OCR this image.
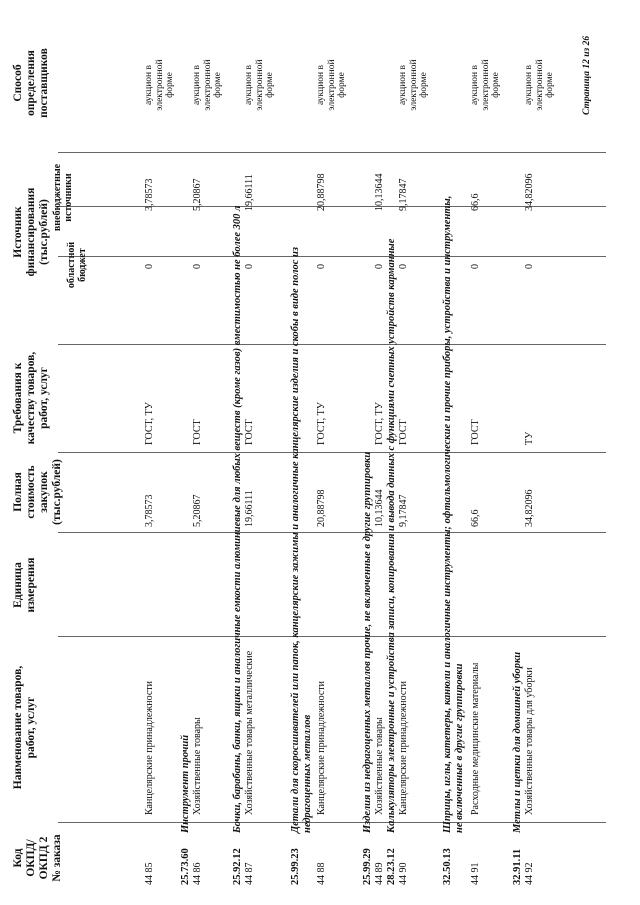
Код ОКПД/ ОКПД 2 № заказа
Наименование товаров, работ, услуг
Единица измерения
Полная стоимость закупок (тыс.рублей)
Требования к качеству товаров, работ, услуг
Источник финансирования (тыс.рублей)
областной бюджет
внебюджетные источники
Способ определения поставщиков
44 85
Канцелярские принадлежности
3,78573
ГОСТ, ТУ
0
3,78573
аукцион в электронной форме
25.73.60Инструмент прочий
44 86
Хозяйственные товары
5,20867
ГОСТ
0
5,20867
аукцион в электронной форме
25.92.12Бочки, барабаны, банки, ящики и аналогичные емкости алюминиевые для любых веществ (кроме газов) вместимостью не более 300 л
44 87
Хозяйственные товары металлические
19,66111
ГОСТ
0
19,66111
аукцион в электронной форме
25.99.23Детали для скоросшивателей или папок, канцелярские зажимы и аналогичные канцелярские изделия и скобы в виде полос из недрагоценных металлов
44 88
Канцелярские принадлежности
20,88798
ГОСТ, ТУ
0
20,88798
аукцион в электронной форме
25.99.29Изделия из недрагоценных металлов прочие, не включенные в другие группировки
44 89
Хозяйственные товары
10,13644
ГОСТ, ТУ
0
10,13644
28.23.12Калькуляторы электронные и устройства записи, копирования и вывода данных с функциями счетных устройств карманные
44 90
Канцелярские принадлежности
9,17847
ГОСТ
0
9,17847
аукцион в электронной форме
32.50.13Шприцы, иглы, катетеры, канюли и аналогичные инструменты; офтальмологические и прочие приборы, устройства и инструменты, не включенные в другие группировки
44 91
Расходные медицинские материалы
66,6
ГОСТ
0
66,6
аукцион в электронной форме
32.91.11Метлы и щетки для домашней уборки
44 92
Хозяйственные товары для уборки
34,82096
ТУ
0
34,82096
аукцион в электронной форме	Страница 12 из 26
